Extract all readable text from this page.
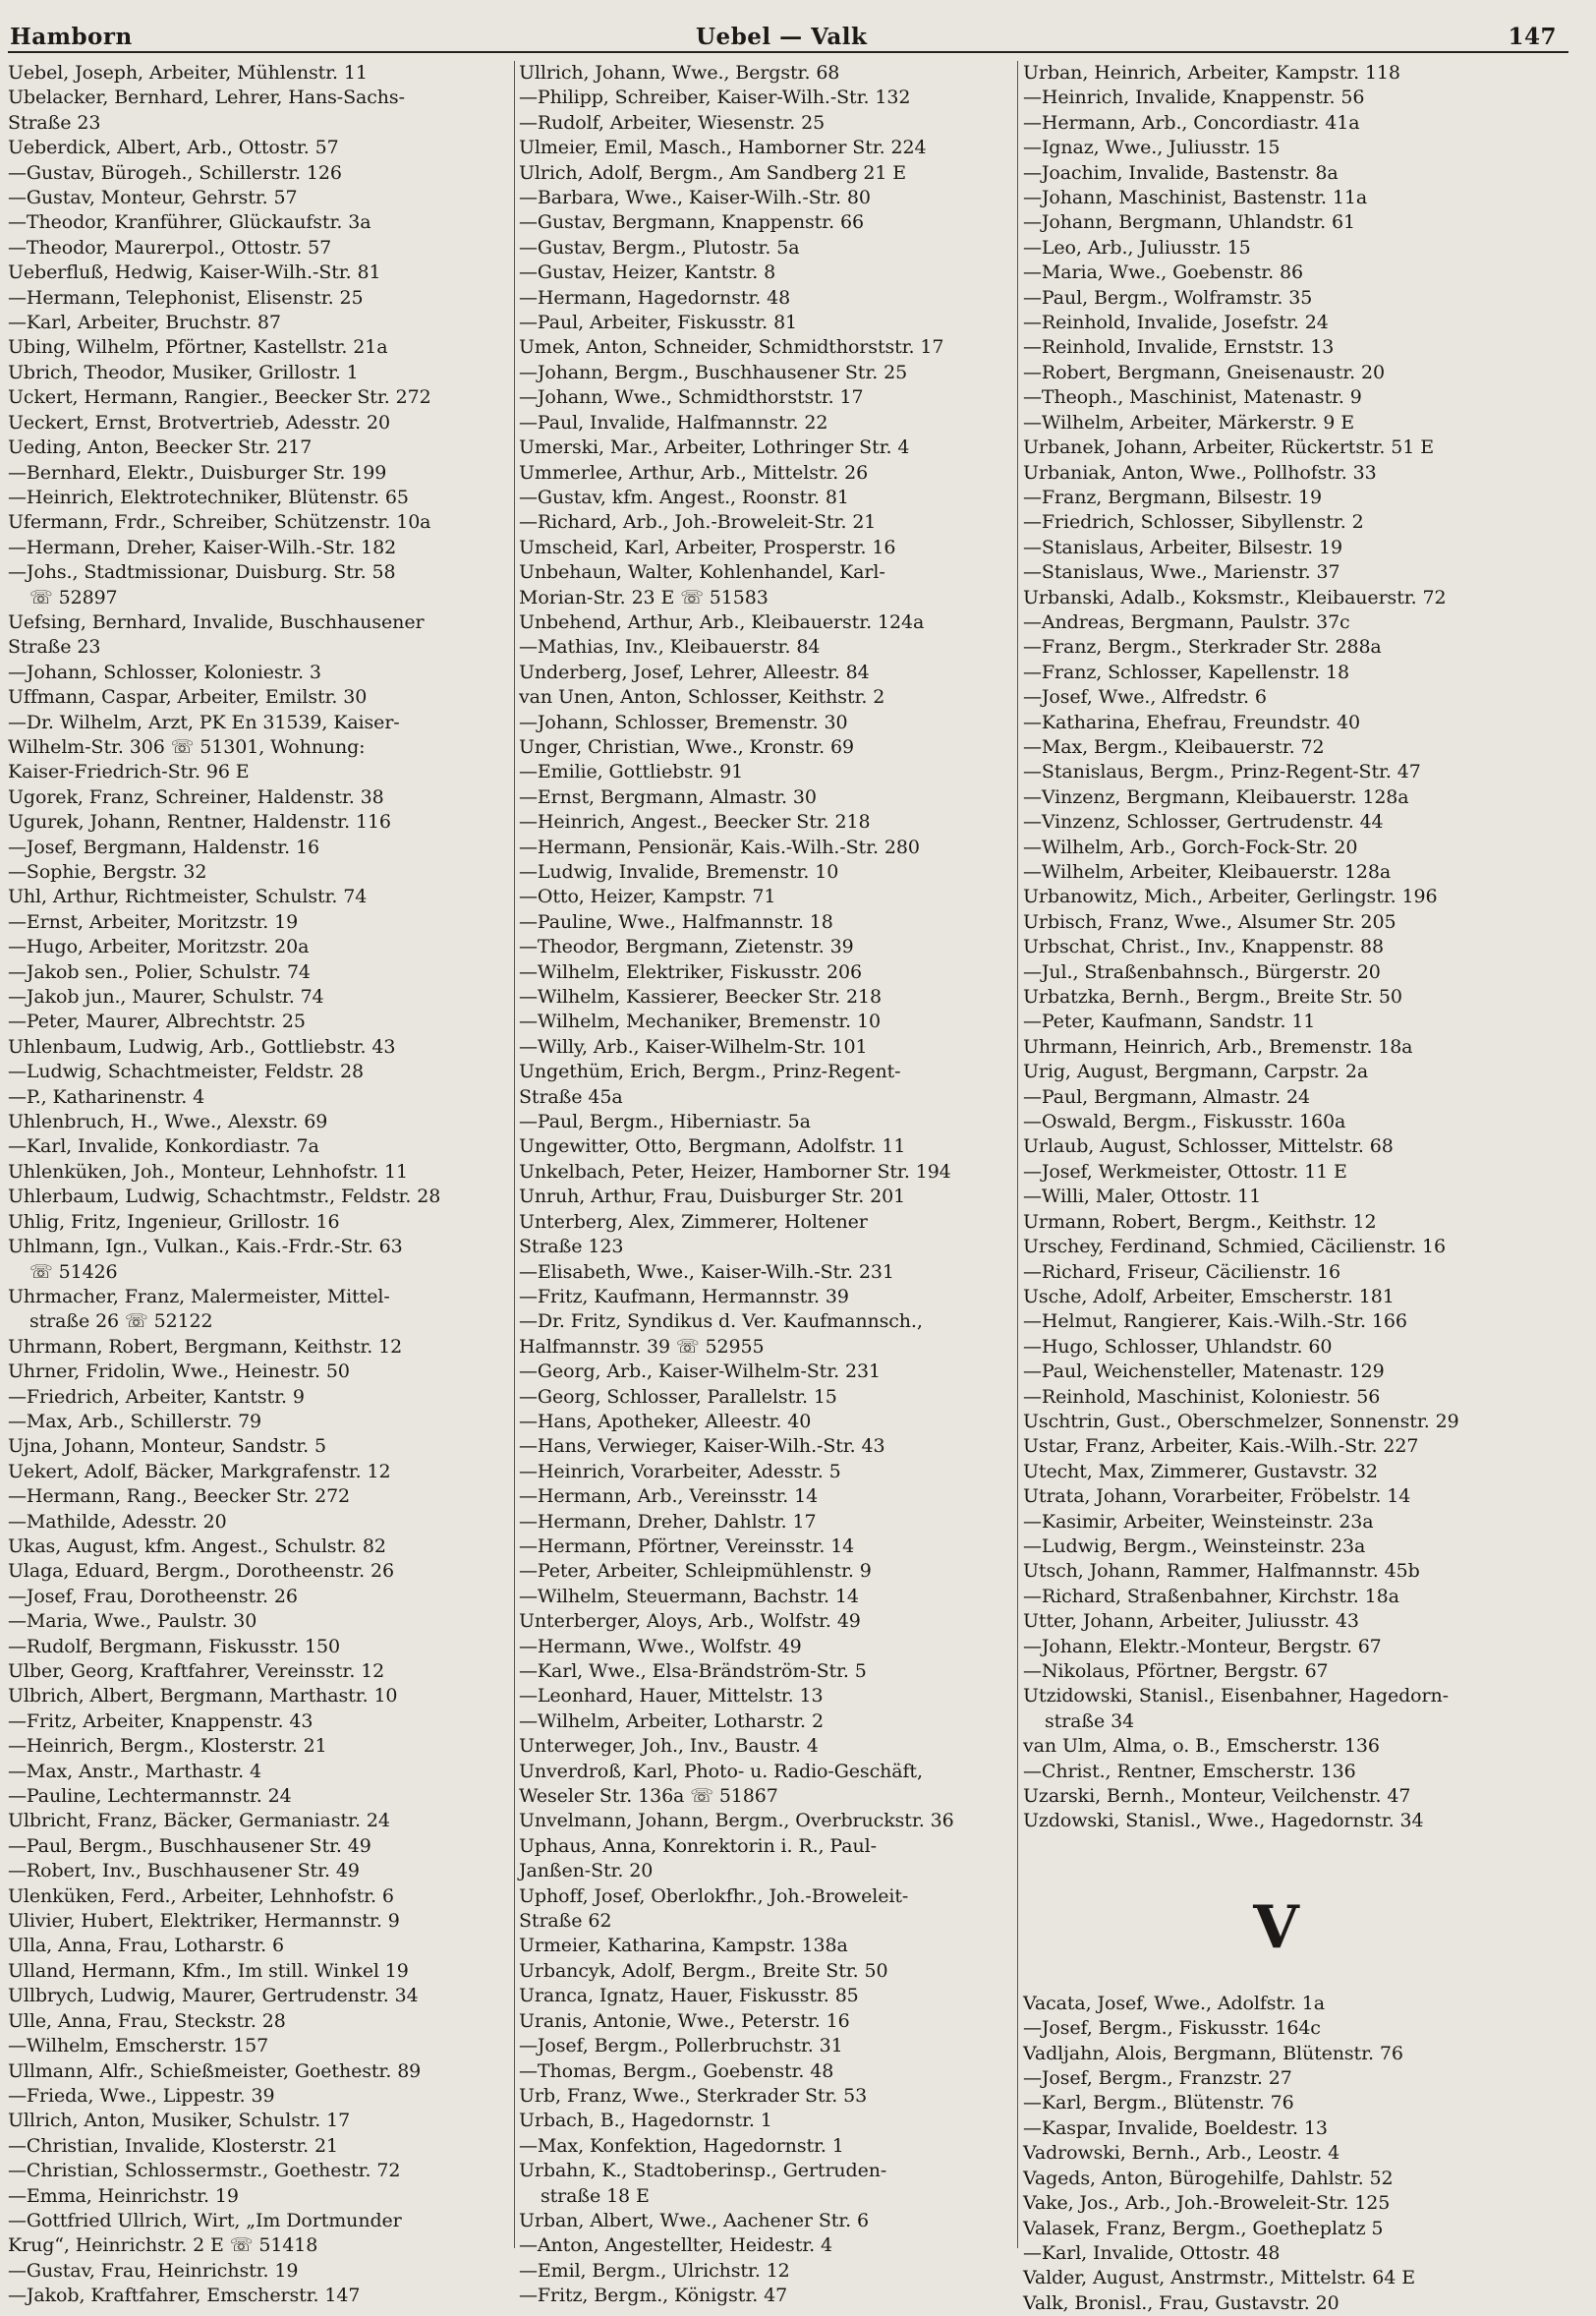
Hamborn	Uebel — Valk	147
Uebel, Joseph, Arbeiter, Mühlenstr. 11
Ubelacker, Bernhard, Lehrer, Hans-Sachs-
Straße 23
Ueberdick, Albert, Arb., Ottostr. 57
—Gustav, Bürogeh., Schillerstr. 126
—Gustav, Monteur, Gehrstr. 57
—Theodor, Kranführer, Glückaufstr. 3a
—Theodor, Maurerpol., Ottostr. 57
Ueberfluß, Hedwig, Kaiser-Wilh.-Str. 81
—Hermann, Telephonist, Elisenstr. 25
—Karl, Arbeiter, Bruchstr. 87
Ubing, Wilhelm, Pförtner, Kastellstr. 21a
Ubrich, Theodor, Musiker, Grillostr. 1
Uckert, Hermann, Rangier., Beecker Str. 272
Ueckert, Ernst, Brotvertrieb, Adesstr. 20
Ueding, Anton, Beecker Str. 217
—Bernhard, Elektr., Duisburger Str. 199
—Heinrich, Elektrotechniker, Blütenstr. 65
Ufermann, Frdr., Schreiber, Schützenstr. 10a
—Hermann, Dreher, Kaiser-Wilh.-Str. 182
—Johs., Stadtmissionar, Duisburg. Str. 58
☏ 52897
Uefsing, Bernhard, Invalide, Buschhausener
Straße 23
—Johann, Schlosser, Koloniestr. 3
Uffmann, Caspar, Arbeiter, Emilstr. 30
—Dr. Wilhelm, Arzt, PK En 31539, Kaiser-
Wilhelm-Str. 306 ☏ 51301, Wohnung:
Kaiser-Friedrich-Str. 96 E
Ugorek, Franz, Schreiner, Haldenstr. 38
Ugurek, Johann, Rentner, Haldenstr. 116
—Josef, Bergmann, Haldenstr. 16
—Sophie, Bergstr. 32
Uhl, Arthur, Richtmeister, Schulstr. 74
—Ernst, Arbeiter, Moritzstr. 19
—Hugo, Arbeiter, Moritzstr. 20a
—Jakob sen., Polier, Schulstr. 74
—Jakob jun., Maurer, Schulstr. 74
—Peter, Maurer, Albrechtstr. 25
Uhlenbaum, Ludwig, Arb., Gottliebstr. 43
—Ludwig, Schachtmeister, Feldstr. 28
—P., Katharinenstr. 4
Uhlenbruch, H., Wwe., Alexstr. 69
—Karl, Invalide, Konkordiastr. 7a
Uhlenküken, Joh., Monteur, Lehnhofstr. 11
Uhlerbaum, Ludwig, Schachtmstr., Feldstr. 28
Uhlig, Fritz, Ingenieur, Grillostr. 16
Uhlmann, Ign., Vulkan., Kais.-Frdr.-Str. 63
☏ 51426
Uhrmacher, Franz, Malermeister, Mittel-
straße 26 ☏ 52122
Uhrmann, Robert, Bergmann, Keithstr. 12
Uhrner, Fridolin, Wwe., Heinestr. 50
—Friedrich, Arbeiter, Kantstr. 9
—Max, Arb., Schillerstr. 79
Ujna, Johann, Monteur, Sandstr. 5
Uekert, Adolf, Bäcker, Markgrafenstr. 12
—Hermann, Rang., Beecker Str. 272
—Mathilde, Adesstr. 20
Ukas, August, kfm. Angest., Schulstr. 82
Ulaga, Eduard, Bergm., Dorotheenstr. 26
—Josef, Frau, Dorotheenstr. 26
—Maria, Wwe., Paulstr. 30
—Rudolf, Bergmann, Fiskusstr. 150
Ulber, Georg, Kraftfahrer, Vereinsstr. 12
Ulbrich, Albert, Bergmann, Marthastr. 10
—Fritz, Arbeiter, Knappenstr. 43
—Heinrich, Bergm., Klosterstr. 21
—Max, Anstr., Marthastr. 4
—Pauline, Lechtermannstr. 24
Ulbricht, Franz, Bäcker, Germaniastr. 24
—Paul, Bergm., Buschhausener Str. 49
—Robert, Inv., Buschhausener Str. 49
Ulenküken, Ferd., Arbeiter, Lehnhofstr. 6
Ulivier, Hubert, Elektriker, Hermannstr. 9
Ulla, Anna, Frau, Lotharstr. 6
Ulland, Hermann, Kfm., Im still. Winkel 19
Ullbrych, Ludwig, Maurer, Gertrudenstr. 34
Ulle, Anna, Frau, Steckstr. 28
—Wilhelm, Emscherstr. 157
Ullmann, Alfr., Schießmeister, Goethestr. 89
—Frieda, Wwe., Lippestr. 39
Ullrich, Anton, Musiker, Schulstr. 17
—Christian, Invalide, Klosterstr. 21
—Christian, Schlossermstr., Goethestr. 72
—Emma, Heinrichstr. 19
—Gottfried Ullrich, Wirt, „Im Dortmunder
Krug“, Heinrichstr. 2 E ☏ 51418
—Gustav, Frau, Heinrichstr. 19
—Jakob, Kraftfahrer, Emscherstr. 147
Ullrich, Johann, Wwe., Bergstr. 68
—Philipp, Schreiber, Kaiser-Wilh.-Str. 132
—Rudolf, Arbeiter, Wiesenstr. 25
Ulmeier, Emil, Masch., Hamborner Str. 224
Ulrich, Adolf, Bergm., Am Sandberg 21 E
—Barbara, Wwe., Kaiser-Wilh.-Str. 80
—Gustav, Bergmann, Knappenstr. 66
—Gustav, Bergm., Plutostr. 5a
—Gustav, Heizer, Kantstr. 8
—Hermann, Hagedornstr. 48
—Paul, Arbeiter, Fiskusstr. 81
Umek, Anton, Schneider, Schmidthorststr. 17
—Johann, Bergm., Buschhausener Str. 25
—Johann, Wwe., Schmidthorststr. 17
—Paul, Invalide, Halfmannstr. 22
Umerski, Mar., Arbeiter, Lothringer Str. 4
Ummerlee, Arthur, Arb., Mittelstr. 26
—Gustav, kfm. Angest., Roonstr. 81
—Richard, Arb., Joh.-Broweleit-Str. 21
Umscheid, Karl, Arbeiter, Prosperstr. 16
Unbehaun, Walter, Kohlenhandel, Karl-
Morian-Str. 23 E ☏ 51583
Unbehend, Arthur, Arb., Kleibauerstr. 124a
—Mathias, Inv., Kleibauerstr. 84
Underberg, Josef, Lehrer, Alleestr. 84
van Unen, Anton, Schlosser, Keithstr. 2
—Johann, Schlosser, Bremenstr. 30
Unger, Christian, Wwe., Kronstr. 69
—Emilie, Gottliebstr. 91
—Ernst, Bergmann, Almastr. 30
—Heinrich, Angest., Beecker Str. 218
—Hermann, Pensionär, Kais.-Wilh.-Str. 280
—Ludwig, Invalide, Bremenstr. 10
—Otto, Heizer, Kampstr. 71
—Pauline, Wwe., Halfmannstr. 18
—Theodor, Bergmann, Zietenstr. 39
—Wilhelm, Elektriker, Fiskusstr. 206
—Wilhelm, Kassierer, Beecker Str. 218
—Wilhelm, Mechaniker, Bremenstr. 10
—Willy, Arb., Kaiser-Wilhelm-Str. 101
Ungethüm, Erich, Bergm., Prinz-Regent-
Straße 45a
—Paul, Bergm., Hiberniastr. 5a
Ungewitter, Otto, Bergmann, Adolfstr. 11
Unkelbach, Peter, Heizer, Hamborner Str. 194
Unruh, Arthur, Frau, Duisburger Str. 201
Unterberg, Alex, Zimmerer, Holtener
Straße 123
—Elisabeth, Wwe., Kaiser-Wilh.-Str. 231
—Fritz, Kaufmann, Hermannstr. 39
—Dr. Fritz, Syndikus d. Ver. Kaufmannsch.,
Halfmannstr. 39 ☏ 52955
—Georg, Arb., Kaiser-Wilhelm-Str. 231
—Georg, Schlosser, Parallelstr. 15
—Hans, Apotheker, Alleestr. 40
—Hans, Verwieger, Kaiser-Wilh.-Str. 43
—Heinrich, Vorarbeiter, Adesstr. 5
—Hermann, Arb., Vereinsstr. 14
—Hermann, Dreher, Dahlstr. 17
—Hermann, Pförtner, Vereinsstr. 14
—Peter, Arbeiter, Schleipmühlenstr. 9
—Wilhelm, Steuermann, Bachstr. 14
Unterberger, Aloys, Arb., Wolfstr. 49
—Hermann, Wwe., Wolfstr. 49
—Karl, Wwe., Elsa-Brändström-Str. 5
—Leonhard, Hauer, Mittelstr. 13
—Wilhelm, Arbeiter, Lotharstr. 2
Unterweger, Joh., Inv., Baustr. 4
Unverdroß, Karl, Photo- u. Radio-Geschäft,
Weseler Str. 136a ☏ 51867
Unvelmann, Johann, Bergm., Overbruckstr. 36
Uphaus, Anna, Konrektorin i. R., Paul-
Janßen-Str. 20
Uphoff, Josef, Oberlokfhr., Joh.-Broweleit-
Straße 62
Urmeier, Katharina, Kampstr. 138a
Urbancyk, Adolf, Bergm., Breite Str. 50
Uranca, Ignatz, Hauer, Fiskusstr. 85
Uranis, Antonie, Wwe., Peterstr. 16
—Josef, Bergm., Pollerbruchstr. 31
—Thomas, Bergm., Goebenstr. 48
Urb, Franz, Wwe., Sterkrader Str. 53
Urbach, B., Hagedornstr. 1
—Max, Konfektion, Hagedornstr. 1
Urbahn, K., Stadtoberinsp., Gertruden-
straße 18 E
Urban, Albert, Wwe., Aachener Str. 6
—Anton, Angestellter, Heidestr. 4
—Emil, Bergm., Ulrichstr. 12
—Fritz, Bergm., Königstr. 47
Urban, Heinrich, Arbeiter, Kampstr. 118
—Heinrich, Invalide, Knappenstr. 56
—Hermann, Arb., Concordiastr. 41a
—Ignaz, Wwe., Juliusstr. 15
—Joachim, Invalide, Bastenstr. 8a
—Johann, Maschinist, Bastenstr. 11a
—Johann, Bergmann, Uhlandstr. 61
—Leo, Arb., Juliusstr. 15
—Maria, Wwe., Goebenstr. 86
—Paul, Bergm., Wolframstr. 35
—Reinhold, Invalide, Josefstr. 24
—Reinhold, Invalide, Ernststr. 13
—Robert, Bergmann, Gneisenaustr. 20
—Theoph., Maschinist, Matenastr. 9
—Wilhelm, Arbeiter, Märkerstr. 9 E
Urbanek, Johann, Arbeiter, Rückertstr. 51 E
Urbaniak, Anton, Wwe., Pollhofstr. 33
—Franz, Bergmann, Bilsestr. 19
—Friedrich, Schlosser, Sibyllenstr. 2
—Stanislaus, Arbeiter, Bilsestr. 19
—Stanislaus, Wwe., Marienstr. 37
Urbanski, Adalb., Koksmstr., Kleibauerstr. 72
—Andreas, Bergmann, Paulstr. 37c
—Franz, Bergm., Sterkrader Str. 288a
—Franz, Schlosser, Kapellenstr. 18
—Josef, Wwe., Alfredstr. 6
—Katharina, Ehefrau, Freundstr. 40
—Max, Bergm., Kleibauerstr. 72
—Stanislaus, Bergm., Prinz-Regent-Str. 47
—Vinzenz, Bergmann, Kleibauerstr. 128a
—Vinzenz, Schlosser, Gertrudenstr. 44
—Wilhelm, Arb., Gorch-Fock-Str. 20
—Wilhelm, Arbeiter, Kleibauerstr. 128a
Urbanowitz, Mich., Arbeiter, Gerlingstr. 196
Urbisch, Franz, Wwe., Alsumer Str. 205
Urbschat, Christ., Inv., Knappenstr. 88
—Jul., Straßenbahnsch., Bürgerstr. 20
Urbatzka, Bernh., Bergm., Breite Str. 50
—Peter, Kaufmann, Sandstr. 11
Uhrmann, Heinrich, Arb., Bremenstr. 18a
Urig, August, Bergmann, Carpstr. 2a
—Paul, Bergmann, Almastr. 24
—Oswald, Bergm., Fiskusstr. 160a
Urlaub, August, Schlosser, Mittelstr. 68
—Josef, Werkmeister, Ottostr. 11 E
—Willi, Maler, Ottostr. 11
Urmann, Robert, Bergm., Keithstr. 12
Urschey, Ferdinand, Schmied, Cäcilienstr. 16
—Richard, Friseur, Cäcilienstr. 16
Usche, Adolf, Arbeiter, Emscherstr. 181
—Helmut, Rangierer, Kais.-Wilh.-Str. 166
—Hugo, Schlosser, Uhlandstr. 60
—Paul, Weichensteller, Matenastr. 129
—Reinhold, Maschinist, Koloniestr. 56
Uschtrin, Gust., Oberschmelzer, Sonnenstr. 29
Ustar, Franz, Arbeiter, Kais.-Wilh.-Str. 227
Utecht, Max, Zimmerer, Gustavstr. 32
Utrata, Johann, Vorarbeiter, Fröbelstr. 14
—Kasimir, Arbeiter, Weinsteinstr. 23a
—Ludwig, Bergm., Weinsteinstr. 23a
Utsch, Johann, Rammer, Halfmannstr. 45b
—Richard, Straßenbahner, Kirchstr. 18a
Utter, Johann, Arbeiter, Juliusstr. 43
—Johann, Elektr.-Monteur, Bergstr. 67
—Nikolaus, Pförtner, Bergstr. 67
Utzidowski, Stanisl., Eisenbahner, Hagedorn-
straße 34
van Ulm, Alma, o. B., Emscherstr. 136
—Christ., Rentner, Emscherstr. 136
Uzarski, Bernh., Monteur, Veilchenstr. 47
Uzdowski, Stanisl., Wwe., Hagedornstr. 34
V
Vacata, Josef, Wwe., Adolfstr. 1a
—Josef, Bergm., Fiskusstr. 164c
Vadljahn, Alois, Bergmann, Blütenstr. 76
—Josef, Bergm., Franzstr. 27
—Karl, Bergm., Blütenstr. 76
—Kaspar, Invalide, Boeldestr. 13
Vadrowski, Bernh., Arb., Leostr. 4
Vageds, Anton, Bürogehilfe, Dahlstr. 52
Vake, Jos., Arb., Joh.-Broweleit-Str. 125
Valasek, Franz, Bergm., Goetheplatz 5
—Karl, Invalide, Ottostr. 48
Valder, August, Anstrmstr., Mittelstr. 64 E
Valk, Bronisl., Frau, Gustavstr. 20
